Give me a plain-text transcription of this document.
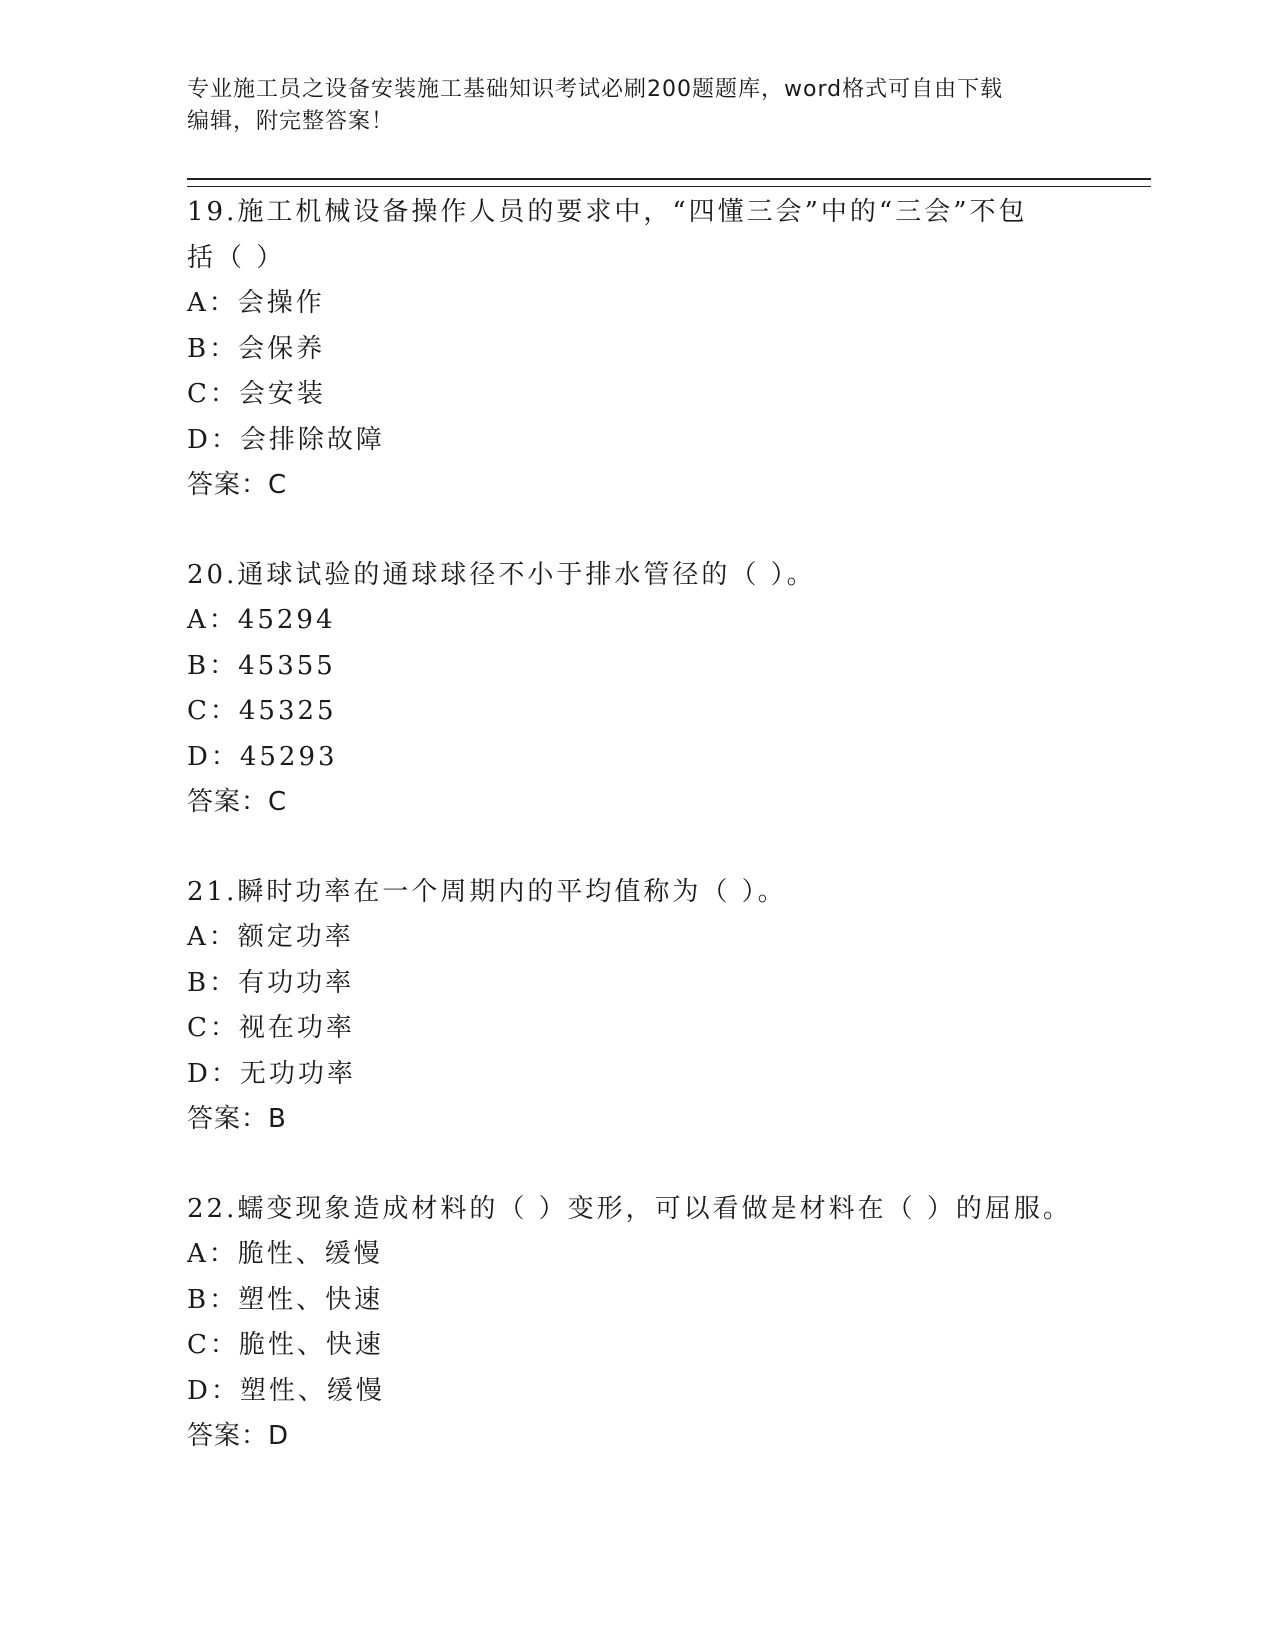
专业施工员之设备安装施工基础知识考试必刷200题题库，word格式可自由下载
编辑，附完整答案！
19.施工机械设备操作人员的要求中，“四懂三会”中的“三会”不包
括（ ）
A：会操作
B：会保养
C：会安装
D：会排除故障
答案：C
20.通球试验的通球球径不小于排水管径的（ ）。
A：45294
B：45355
C：45325
D：45293
答案：C
21.瞬时功率在一个周期内的平均值称为（ ）。
A：额定功率
B：有功功率
C：视在功率
D：无功功率
答案：B
22.蠕变现象造成材料的（ ）变形，可以看做是材料在（ ）的屈服。
A：脆性、缓慢
B：塑性、快速
C：脆性、快速
D：塑性、缓慢
答案：D
